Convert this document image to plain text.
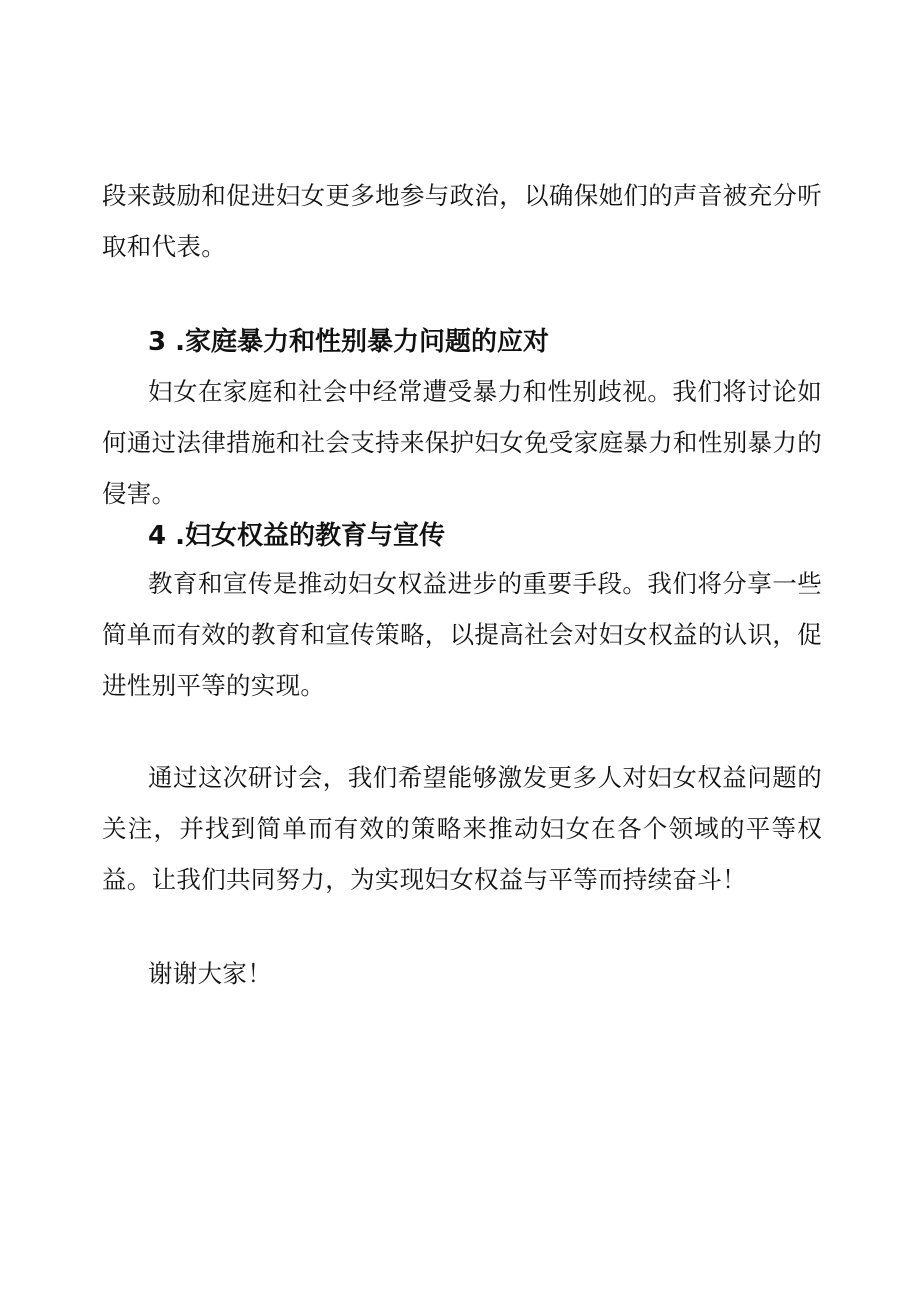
段来鼓励和促进妇女更多地参与政治，以确保她们的声音被充分听取和代表。

3 .家庭暴力和性别暴力问题的应对

妇女在家庭和社会中经常遭受暴力和性别歧视。我们将讨论如何通过法律措施和社会支持来保护妇女免受家庭暴力和性别暴力的侵害。

4 .妇女权益的教育与宣传

教育和宣传是推动妇女权益进步的重要手段。我们将分享一些简单而有效的教育和宣传策略，以提高社会对妇女权益的认识，促进性别平等的实现。

通过这次研讨会，我们希望能够激发更多人对妇女权益问题的关注，并找到简单而有效的策略来推动妇女在各个领域的平等权益。让我们共同努力，为实现妇女权益与平等而持续奋斗！

谢谢大家！
